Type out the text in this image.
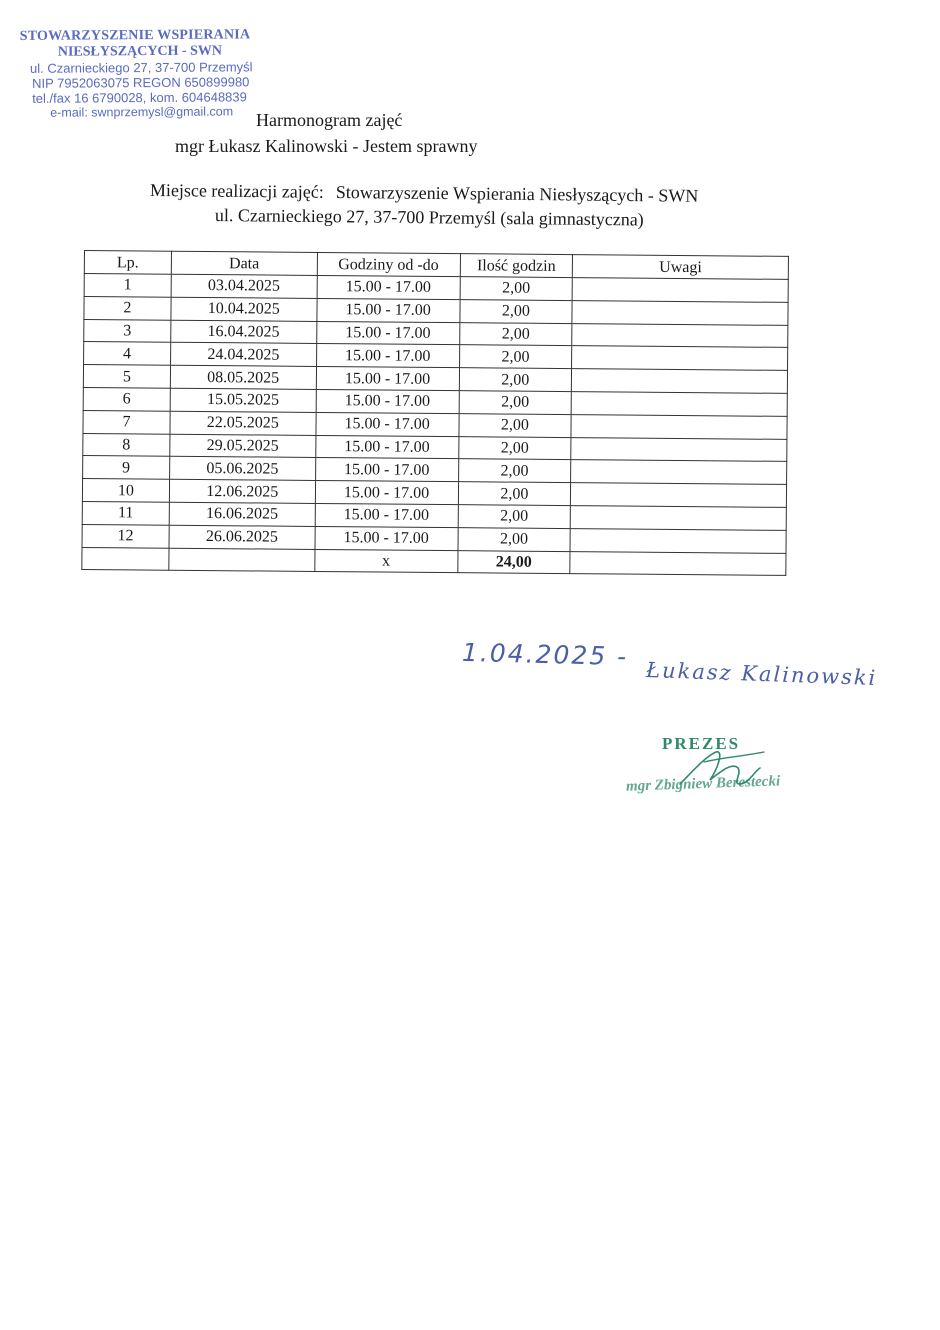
STOWARZYSZENIE WSPIERANIA
NIESŁYSZĄCYCH - SWN
ul. Czarnieckiego 27, 37-700 Przemyśl
NIP 7952063075 REGON 650899980
tel./fax 16 6790028, kom. 604648839
e-mail: swnprzemysl@gmail.com	Harmonogram zajęć
mgr Łukasz Kalinowski - Jestem sprawny
Miejsce realizacji zajęć: Stowarzyszenie Wspierania Niesłyszących - SWN
ul. Czarnieckiego 27, 37-700 Przemyśl (sala gimnastyczna)
Lp.	Data	Godziny od -do	Ilość godzin	Uwagi
1	03.04.2025	15.00 - 17.00	2,00	
2	10.04.2025	15.00 - 17.00	2,00	
3	16.04.2025	15.00 - 17.00	2,00	
4	24.04.2025	15.00 - 17.00	2,00	
5	08.05.2025	15.00 - 17.00	2,00	
6	15.05.2025	15.00 - 17.00	2,00	
7	22.05.2025	15.00 - 17.00	2,00	
8	29.05.2025	15.00 - 17.00	2,00	
9	05.06.2025	15.00 - 17.00	2,00	
10	12.06.2025	15.00 - 17.00	2,00	
11	16.06.2025	15.00 - 17.00	2,00	
12	26.06.2025	15.00 - 17.00	2,00	
		x	24,00	
1.04.2025 -
Łukasz Kalinowski
PREZES
mgr Zbigniew Berestecki
